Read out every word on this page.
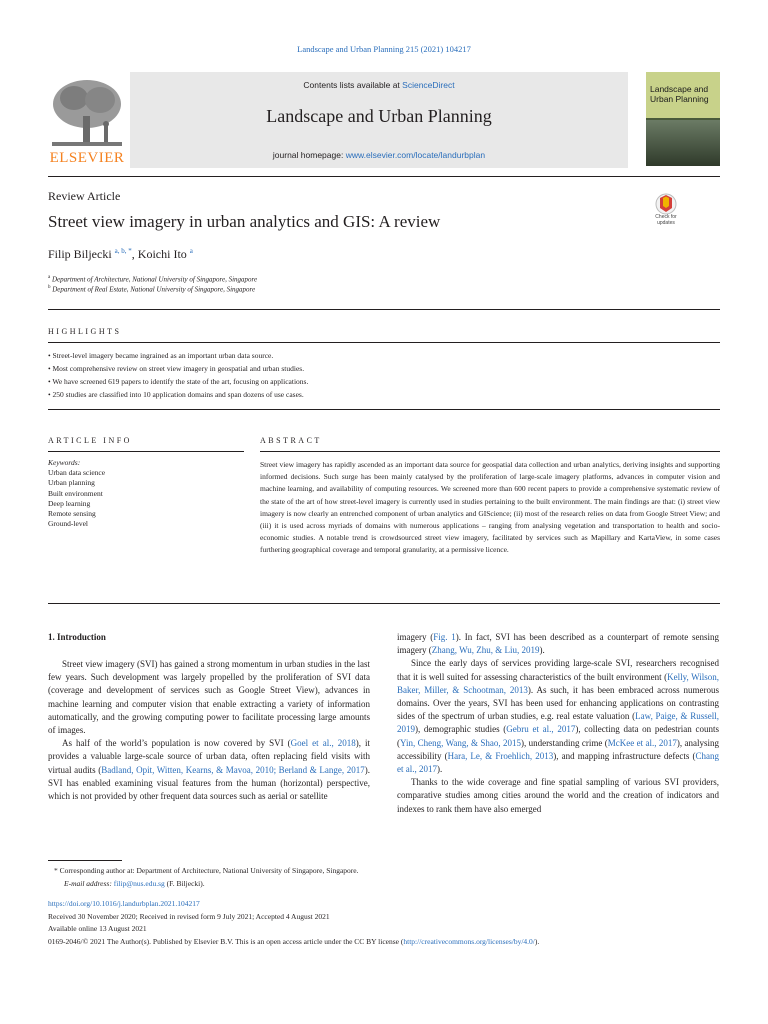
Landscape and Urban Planning 215 (2021) 104217
ELSEVIER
Contents lists available at ScienceDirect
Landscape and Urban Planning
journal homepage: www.elsevier.com/locate/landurbplan
Landscape and
Urban Planning
Review Article
Street view imagery in urban analytics and GIS: A review	Check for updates
Filip Biljecki $^{a, b, *}$, Koichi Ito $^a$
$^a$ Department of Architecture, National University of Singapore, Singapore
$^b$ Department of Real Estate, National University of Singapore, Singapore
HIGHLIGHTS
• Street-level imagery became ingrained as an important urban data source.
• Most comprehensive review on street view imagery in geospatial and urban studies.
• We have screened 619 papers to identify the state of the art, focusing on applications.
• 250 studies are classified into 10 application domains and span dozens of use cases.
ARTICLE INFO
Keywords:
Urban data science
Urban planning
Built environment
Deep learning
Remote sensing
Ground-level
ABSTRACT
Street view imagery has rapidly ascended as an important data source for geospatial data collection and urban analytics, deriving insights and supporting informed decisions. Such surge has been mainly catalysed by the proliferation of large-scale imagery platforms, advances in computer vision and machine learning, and availability of computing resources. We screened more than 600 recent papers to provide a comprehensive systematic review of the state of the art of how street-level imagery is currently used in studies pertaining to the built environment. The main findings are that: (i) street view imagery is now clearly an entrenched component of urban analytics and GIScience; (ii) most of the research relies on data from Google Street View; and (iii) it is used across myriads of domains with numerous applications – ranging from analysing vegetation and transportation to health and socio-economic studies. A notable trend is crowdsourced street view imagery, facilitated by services such as Mapillary and KartaView, in some cases furthering geographical coverage and temporal granularity, at a permissive licence.
1. Introduction

Street view imagery (SVI) has gained a strong momentum in urban studies in the last few years. Such development was largely propelled by the proliferation of SVI data (coverage and development of services such as Google Street View), advances in machine learning and computer vision that enable extracting a variety of information automatically, and the growing computing power to facilitate processing large amounts of images.

As half of the world’s population is now covered by SVI (Goel et al., 2018), it provides a valuable large-scale source of urban data, often replacing field visits with virtual audits (Badland, Opit, Witten, Kearns, & Mavoa, 2010; Berland & Lange, 2017). SVI has enabled examining visual features from the human (horizontal) perspective, which is not provided by other frequent data sources such as aerial or satellite

imagery (Fig. 1). In fact, SVI has been described as a counterpart of remote sensing imagery (Zhang, Wu, Zhu, & Liu, 2019).

Since the early days of services providing large-scale SVI, researchers recognised that it is well suited for assessing characteristics of the built environment (Kelly, Wilson, Baker, Miller, & Schootman, 2013). As such, it has been embraced across numerous domains. Over the years, SVI has been used for enhancing applications on contrasting sides of the spectrum of urban studies, e.g. real estate valuation (Law, Paige, & Russell, 2019), demographic studies (Gebru et al., 2017), collecting data on pedestrian counts (Yin, Cheng, Wang, & Shao, 2015), understanding crime (McKee et al., 2017), analysing accessibility (Hara, Le, & Froehlich, 2013), and mapping infrastructure defects (Chang et al., 2017).

Thanks to the wide coverage and fine spatial sampling of various SVI providers, comparative studies among cities around the world and the creation of indicators and indexes to rank them have also emerged

* Corresponding author at: Department of Architecture, National University of Singapore, Singapore.
E-mail address: filip@nus.edu.sg (F. Biljecki).
https://doi.org/10.1016/j.landurbplan.2021.104217
Received 30 November 2020; Received in revised form 9 July 2021; Accepted 4 August 2021
Available online 13 August 2021
0169-2046/© 2021 The Author(s). Published by Elsevier B.V. This is an open access article under the CC BY license (http://creativecommons.org/licenses/by/4.0/).
